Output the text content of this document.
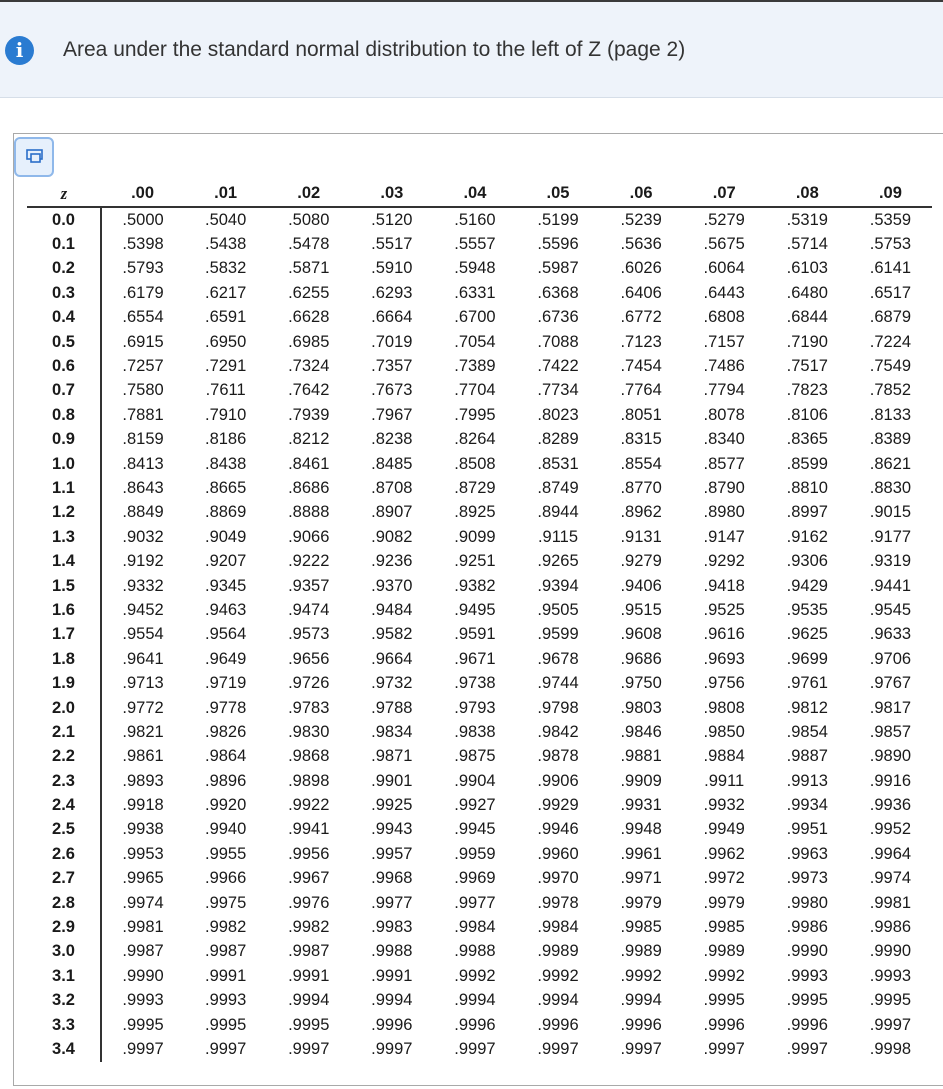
i	Area under the standard normal distribution to the left of Z (page 2)
z	.00	.01	.02	.03	.04	.05	.06	.07	.08	.09
0.0	.5000	.5040	.5080	.5120	.5160	.5199	.5239	.5279	.5319	.5359
0.1	.5398	.5438	.5478	.5517	.5557	.5596	.5636	.5675	.5714	.5753
0.2	.5793	.5832	.5871	.5910	.5948	.5987	.6026	.6064	.6103	.6141
0.3	.6179	.6217	.6255	.6293	.6331	.6368	.6406	.6443	.6480	.6517
0.4	.6554	.6591	.6628	.6664	.6700	.6736	.6772	.6808	.6844	.6879
0.5	.6915	.6950	.6985	.7019	.7054	.7088	.7123	.7157	.7190	.7224
0.6	.7257	.7291	.7324	.7357	.7389	.7422	.7454	.7486	.7517	.7549
0.7	.7580	.7611	.7642	.7673	.7704	.7734	.7764	.7794	.7823	.7852
0.8	.7881	.7910	.7939	.7967	.7995	.8023	.8051	.8078	.8106	.8133
0.9	.8159	.8186	.8212	.8238	.8264	.8289	.8315	.8340	.8365	.8389
1.0	.8413	.8438	.8461	.8485	.8508	.8531	.8554	.8577	.8599	.8621
1.1	.8643	.8665	.8686	.8708	.8729	.8749	.8770	.8790	.8810	.8830
1.2	.8849	.8869	.8888	.8907	.8925	.8944	.8962	.8980	.8997	.9015
1.3	.9032	.9049	.9066	.9082	.9099	.9115	.9131	.9147	.9162	.9177
1.4	.9192	.9207	.9222	.9236	.9251	.9265	.9279	.9292	.9306	.9319
1.5	.9332	.9345	.9357	.9370	.9382	.9394	.9406	.9418	.9429	.9441
1.6	.9452	.9463	.9474	.9484	.9495	.9505	.9515	.9525	.9535	.9545
1.7	.9554	.9564	.9573	.9582	.9591	.9599	.9608	.9616	.9625	.9633
1.8	.9641	.9649	.9656	.9664	.9671	.9678	.9686	.9693	.9699	.9706
1.9	.9713	.9719	.9726	.9732	.9738	.9744	.9750	.9756	.9761	.9767
2.0	.9772	.9778	.9783	.9788	.9793	.9798	.9803	.9808	.9812	.9817
2.1	.9821	.9826	.9830	.9834	.9838	.9842	.9846	.9850	.9854	.9857
2.2	.9861	.9864	.9868	.9871	.9875	.9878	.9881	.9884	.9887	.9890
2.3	.9893	.9896	.9898	.9901	.9904	.9906	.9909	.9911	.9913	.9916
2.4	.9918	.9920	.9922	.9925	.9927	.9929	.9931	.9932	.9934	.9936
2.5	.9938	.9940	.9941	.9943	.9945	.9946	.9948	.9949	.9951	.9952
2.6	.9953	.9955	.9956	.9957	.9959	.9960	.9961	.9962	.9963	.9964
2.7	.9965	.9966	.9967	.9968	.9969	.9970	.9971	.9972	.9973	.9974
2.8	.9974	.9975	.9976	.9977	.9977	.9978	.9979	.9979	.9980	.9981
2.9	.9981	.9982	.9982	.9983	.9984	.9984	.9985	.9985	.9986	.9986
3.0	.9987	.9987	.9987	.9988	.9988	.9989	.9989	.9989	.9990	.9990
3.1	.9990	.9991	.9991	.9991	.9992	.9992	.9992	.9992	.9993	.9993
3.2	.9993	.9993	.9994	.9994	.9994	.9994	.9994	.9995	.9995	.9995
3.3	.9995	.9995	.9995	.9996	.9996	.9996	.9996	.9996	.9996	.9997
3.4	.9997	.9997	.9997	.9997	.9997	.9997	.9997	.9997	.9997	.9998
